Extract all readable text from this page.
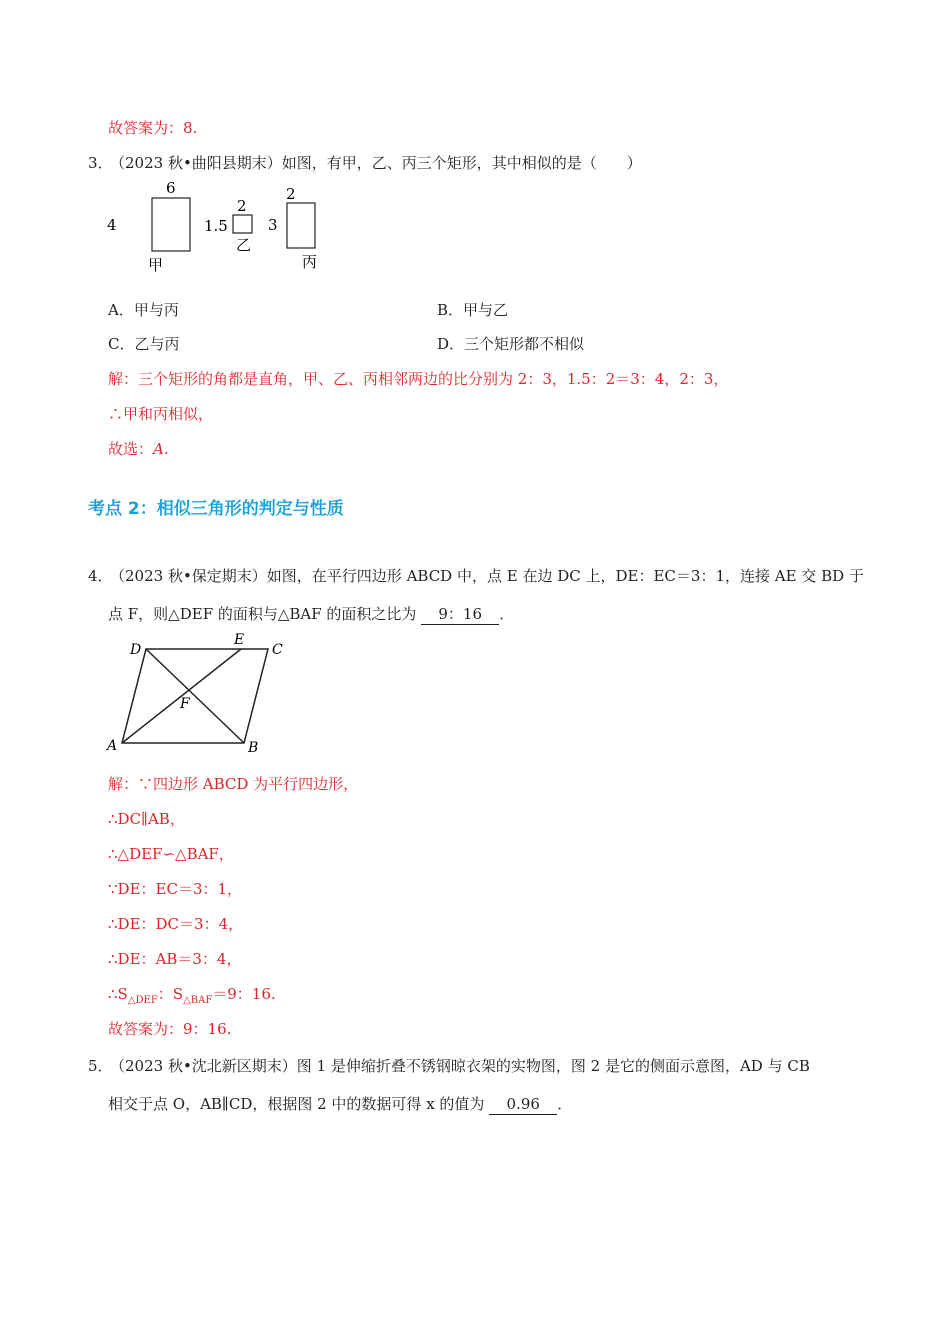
故答案为：8.
3．
（2023 秋•曲阳县期末）如图，有甲，乙、丙三个矩形，其中相似的是（　　）
6
4
甲
2
1.5
乙
2
3
丙
A．甲与丙	B．甲与乙
C．乙与丙	D．三个矩形都不相似
解：三个矩形的角都是直角，甲、乙、丙相邻两边的比分别为 2：3，1.5：2＝3：4，2：3，
∴甲和丙相似，
故选：A.
考点 2：相似三角形的判定与性质
4．
（2023 秋•保定期末）如图，在平行四边形 ABCD 中，点 E 在边 DC 上，DE：EC＝3：1，连接 AE 交 BD 于
点 F，则△DEF 的面积与△BAF 的面积之比为 9：16 ．
D
E
C
F
A	B
解：∵四边形 ABCD 为平行四边形，
∴DC∥AB，
∴△DEF∽△BAF，
∵DE：EC＝3：1，
∴DE：DC＝3：4，
∴DE：AB＝3：4，
$\therefore S_{\triangle DEF}$：$S_{\triangle BAF}=9$：16.
故答案为：9：16.
5．
（2023 秋•沈北新区期末）图 1 是伸缩折叠不锈钢晾衣架的实物图，图 2 是它的侧面示意图，AD 与 CB
相交于点 O，AB∥CD，根据图 2 中的数据可得 x 的值为 0.96 ．
